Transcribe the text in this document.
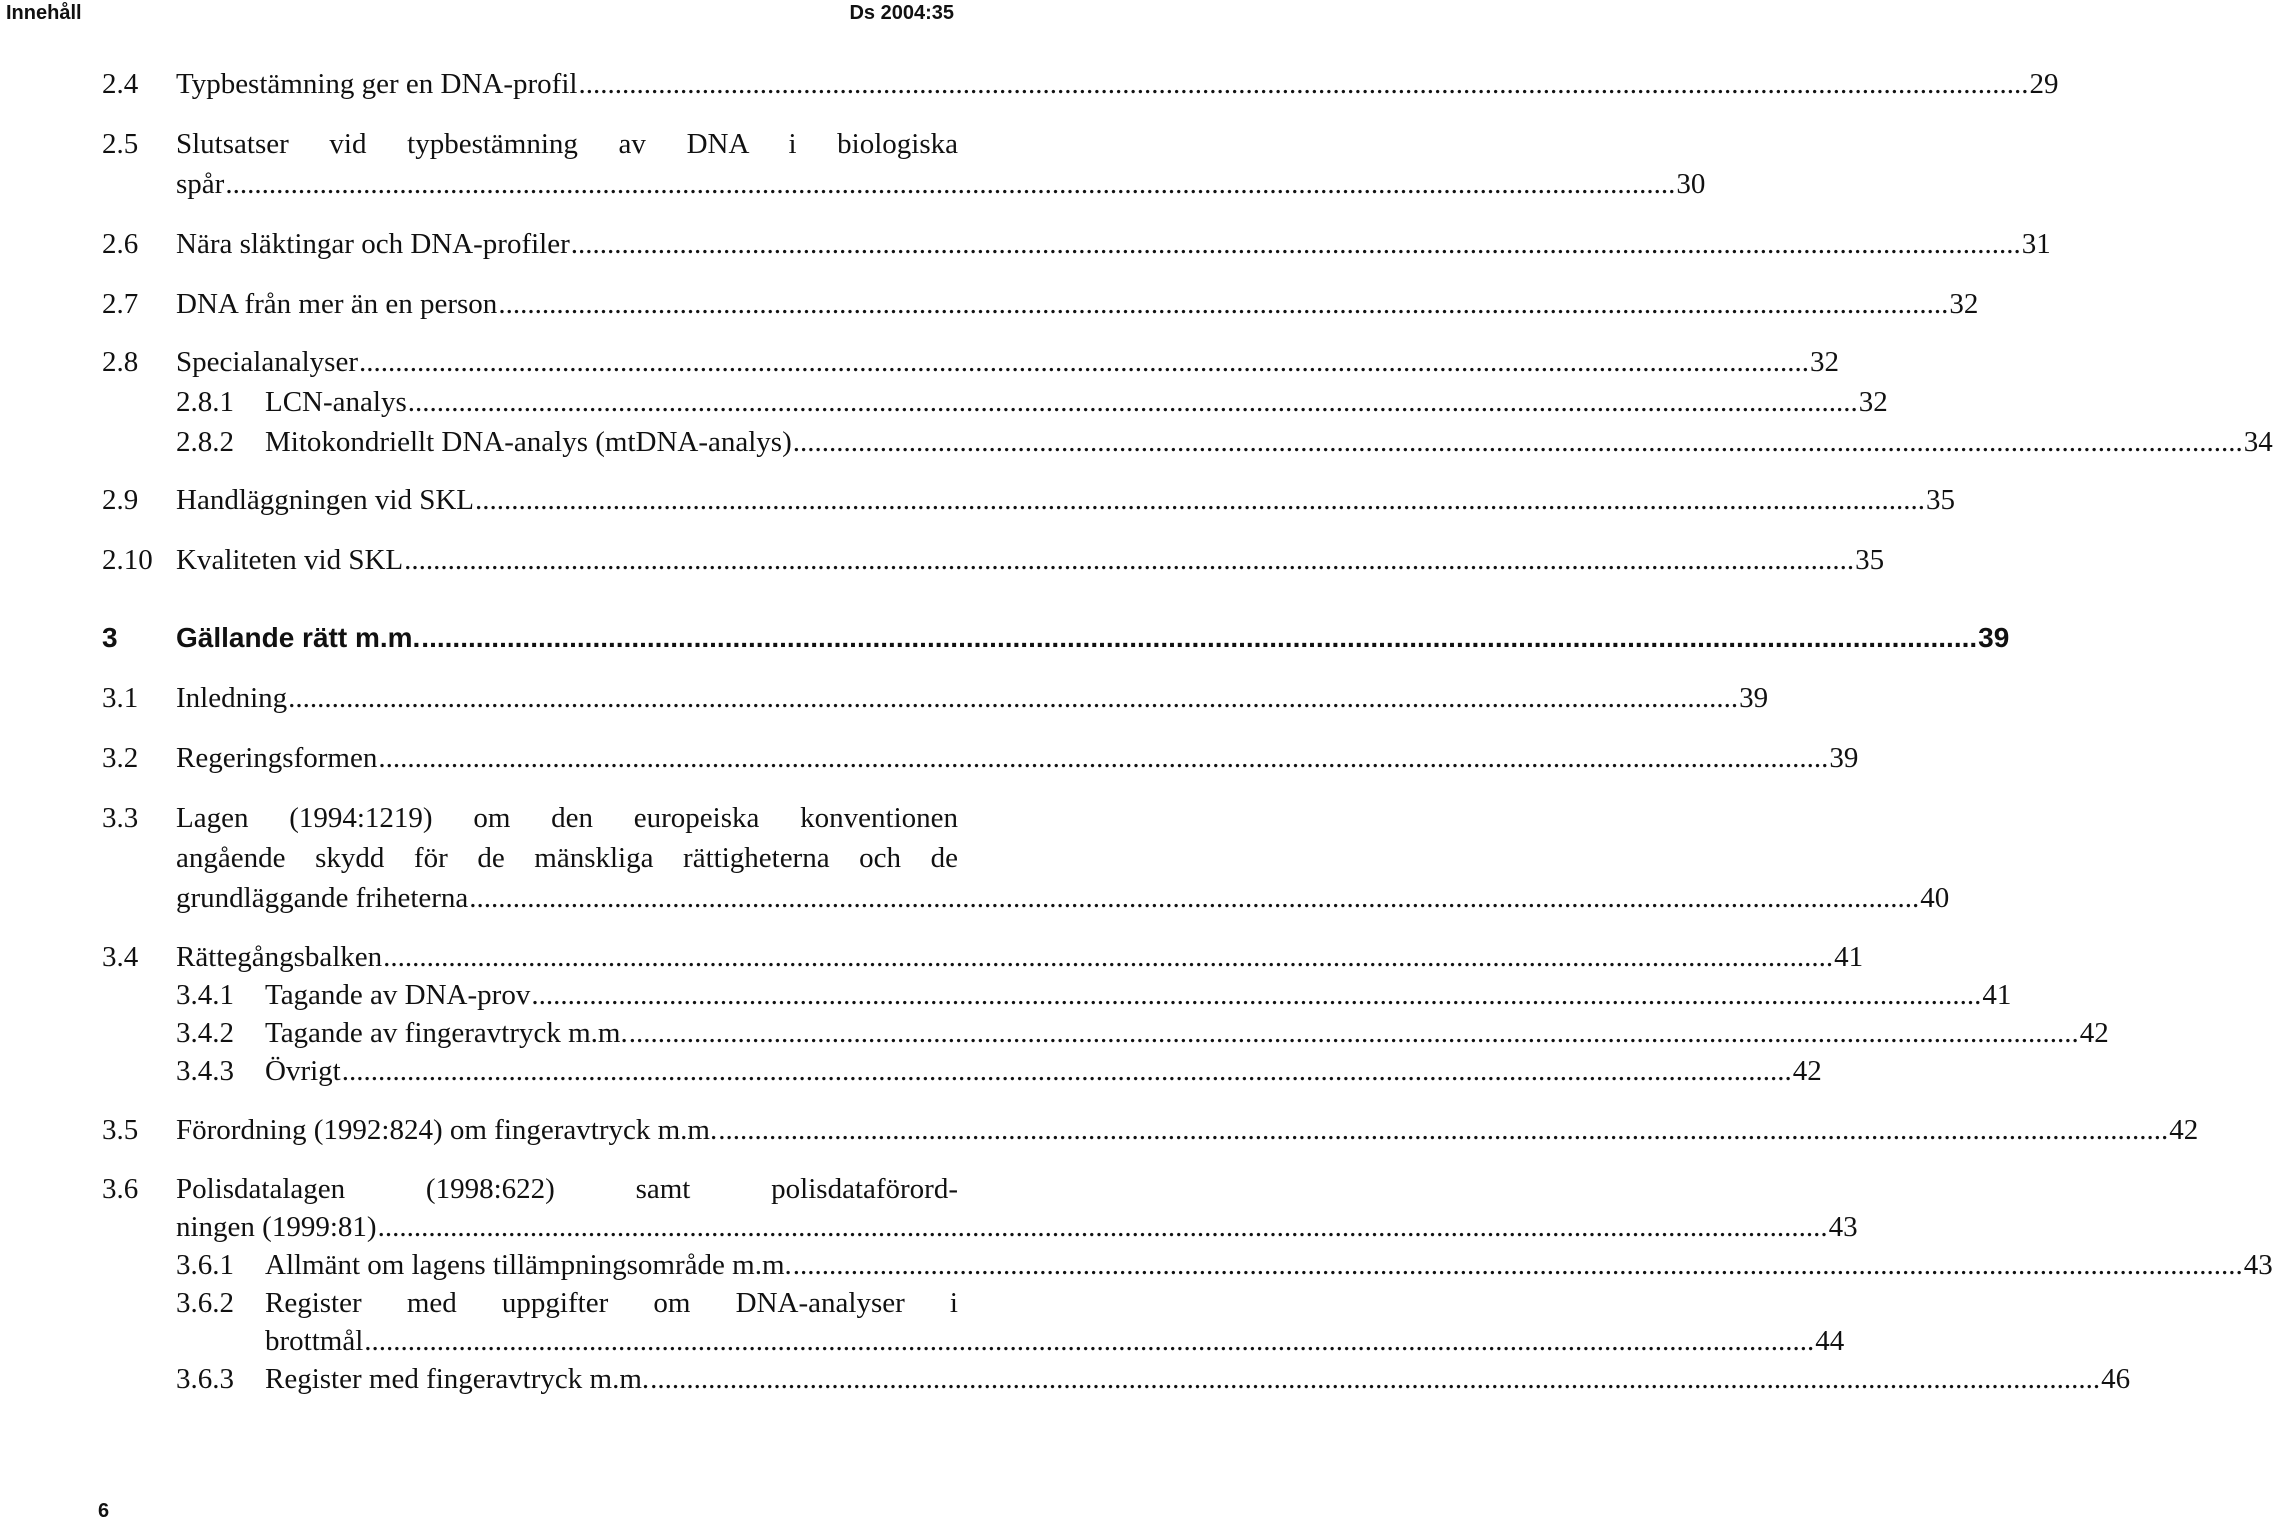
Innehåll	Ds 2004:35
2.4 Typbestämning ger en DNA-profil ........................................................................................................................................................................................................ 29
2.5 Slutsatser vid typbestämning av DNA i biologiska
spår ........................................................................................................................................................................................................ 30
2.6 Nära släktingar och DNA-profiler ........................................................................................................................................................................................................ 31
2.7 DNA från mer än en person ........................................................................................................................................................................................................ 32
2.8 Specialanalyser ........................................................................................................................................................................................................ 32
2.8.1 LCN-analys ........................................................................................................................................................................................................ 32
2.8.2 Mitokondriellt DNA-analys (mtDNA-analys) ........................................................................................................................................................................................................ 34
2.9 Handläggningen vid SKL ........................................................................................................................................................................................................ 35
2.10 Kvaliteten vid SKL ........................................................................................................................................................................................................ 35
3 Gällande rätt m.m. ........................................................................................................................................................................................................ 39
3.1 Inledning ........................................................................................................................................................................................................ 39
3.2 Regeringsformen ........................................................................................................................................................................................................ 39
3.3 Lagen (1994:1219) om den europeiska konventionen
angående skydd för de mänskliga rättigheterna och de
grundläggande friheterna ........................................................................................................................................................................................................ 40
3.4 Rättegångsbalken ........................................................................................................................................................................................................ 41
3.4.1 Tagande av DNA-prov ........................................................................................................................................................................................................ 41
3.4.2 Tagande av fingeravtryck m.m. ........................................................................................................................................................................................................ 42
3.4.3 Övrigt ........................................................................................................................................................................................................ 42
3.5 Förordning (1992:824) om fingeravtryck m.m. ........................................................................................................................................................................................................ 42
3.6 Polisdatalagen (1998:622) samt polisdataförord-
ningen (1999:81) ........................................................................................................................................................................................................ 43
3.6.1 Allmänt om lagens tillämpningsområde m.m. ........................................................................................................................................................................................................ 43
3.6.2 Register med uppgifter om DNA-analyser i
brottmål ........................................................................................................................................................................................................ 44
3.6.3 Register med fingeravtryck m.m. ........................................................................................................................................................................................................ 46
6
